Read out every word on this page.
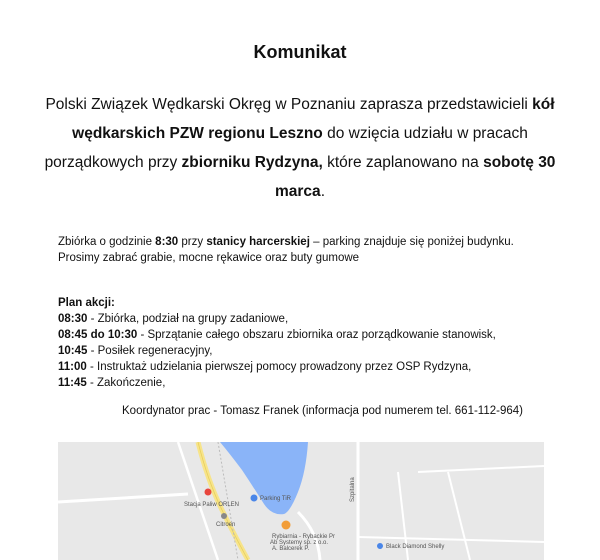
Komunikat
Polski Związek Wędkarski Okręg w Poznaniu zaprasza przedstawicieli kół wędkarskich PZW regionu Leszno do wzięcia udziału w pracach porządkowych przy zbiorniku Rydzyna, które zaplanowano na sobotę 30 marca.
Zbiórka o godzinie 8:30 przy stanicy harcerskiej – parking znajduje się poniżej budynku.
Prosimy zabrać grabie, mocne rękawice oraz buty gumowe
Plan akcji:
08:30 - Zbiórka, podział na grupy zadaniowe,
08:45 do 10:30 - Sprzątanie całego obszaru zbiornika oraz porządkowanie stanowisk,
10:45 - Posiłek regeneracyjny,
11:00 - Instruktaż udzielania pierwszej pomocy prowadzony przez OSP Rydzyna,
11:45 - Zakończenie,
Koordynator prac - Tomasz Franek (informacja pod numerem tel. 661-112-964)
Stacja Paliw ORLEN
Parking TiR
Citroen
Rybiarnia - Rybackie Pr
Ab Systemy sp. z o.o.
A. Balcerek P.
Szpitalna
Black Diamond Shelly
